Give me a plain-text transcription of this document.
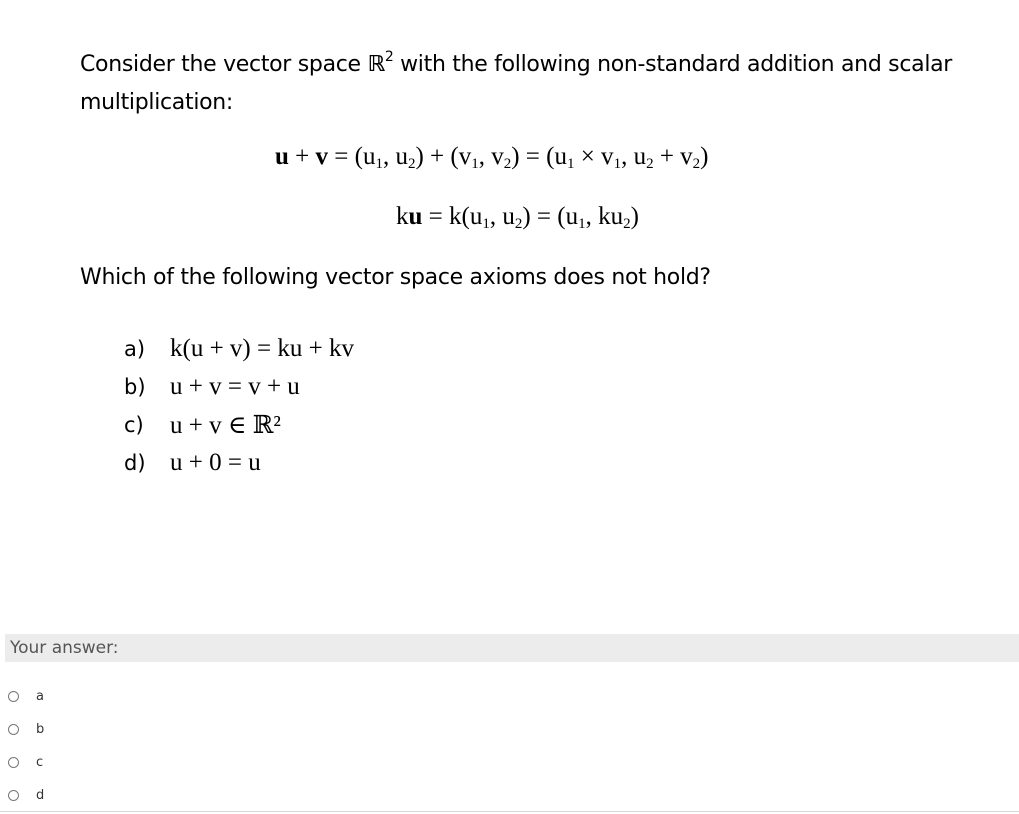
Consider the vector space ℝ$^2$ with the following non-standard addition and scalar multiplication:
$u + v = (u_1$, $u_2) + (v_1$, $v_2) = (u_1 \times v_1$, $u_2 + v_2$)
ku = $k(u_1$, $u_2) = (u_1$, $ku_2$)
Which of the following vector space axioms does not hold?
a) k(u + v) = ku + kv
b) u + v = v + u
c)	u + v ∈ ℝ²
d) u + 0 = u
Your answer:
a
b
c
d
